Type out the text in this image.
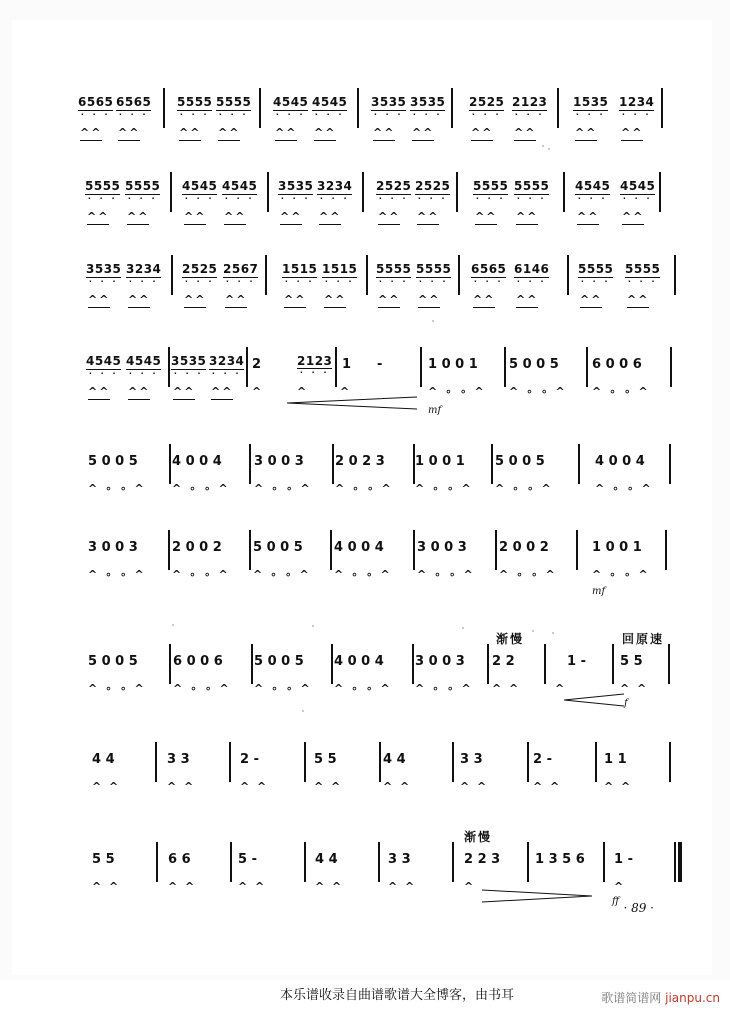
6565
· · ·
^^
6565
· · ·
^^
5555
· · ·
^^
5555
· · ·
^^
4545
· · ·
^^
4545
· · ·
^^
3535
· · ·
^^
3535
· · ·
^^
2525
· · ·
^^
2123
· · ·
^^
1535
· · ·
^^
1234
· · ·
^^
5555
· · ·
^^
5555
· · ·
^^
4545
· · ·
^^
4545
· · ·
^^
3535
· · ·
^^
3234
· · ·
^^
2525
· · ·
^^
2525
· · ·
^^
5555
· · ·
^^
5555
· · ·
^^
4545
· · ·
^^
4545
· · ·
^^
3535
· · ·
^^
3234
· · ·
^^
2525
· · ·
^^
2567
· · ·
^^
1515
· · ·
^^
1515
· · ·
^^
5555
· · ·
^^
5555
· · ·
^^
6565
· · ·
^^
6146
· · ·
^^
5555
· · ·
^^
5555
· · ·
^^
4545
· · ·
^^
4545
· · ·
^^
3535
· · ·
^^
3234
· · ·
^^
2	2123
· · ·
1 -
^	^	^
1 0 0 1
^ ∘ ∘ ^
5 0 0 5
^ ∘ ∘ ^
6 0 0 6
^ ∘ ∘ ^
mf
5 0 0 5
^ ∘ ∘ ^
4 0 0 4
^ ∘ ∘ ^
3 0 0 3
^ ∘ ∘ ^
2 0 2 3
^ ∘ ∘ ^
1 0 0 1
^ ∘ ∘ ^
5 0 0 5
^ ∘ ∘ ^
4 0 0 4
^ ∘ ∘ ^
3 0 0 3
^ ∘ ∘ ^
2 0 0 2
^ ∘ ∘ ^
5 0 0 5
^ ∘ ∘ ^
4 0 0 4
^ ∘ ∘ ^
3 0 0 3
^ ∘ ∘ ^
2 0 0 2
^ ∘ ∘ ^
1 0 0 1
^ ∘ ∘ ^
mf
5 0 0 5
^ ∘ ∘ ^
6 0 0 6
^ ∘ ∘ ^
5 0 0 5
^ ∘ ∘ ^
4 0 0 4
^ ∘ ∘ ^
3 0 0 3
^ ∘ ∘ ^
2 2	1 -	5 5
^ ^	^	^ ^
渐慢	回原速
f
4 4
^ ^
3 3
^ ^
2 -
^ ^
5 5
^ ^
4 4
^ ^
3 3
^ ^
2 -
^ ^
1 1
^ ^
5 5
^ ^
6 6
^ ^
5 -
^ ^
4 4
^ ^
3 3
^ ^
2 2 3	1 3 5 6 1 -
^	^
渐慢
ff · 89 ·
本乐谱收录自曲谱歌谱大全博客，由书耳	歌谱简谱网 jianpu.cn
